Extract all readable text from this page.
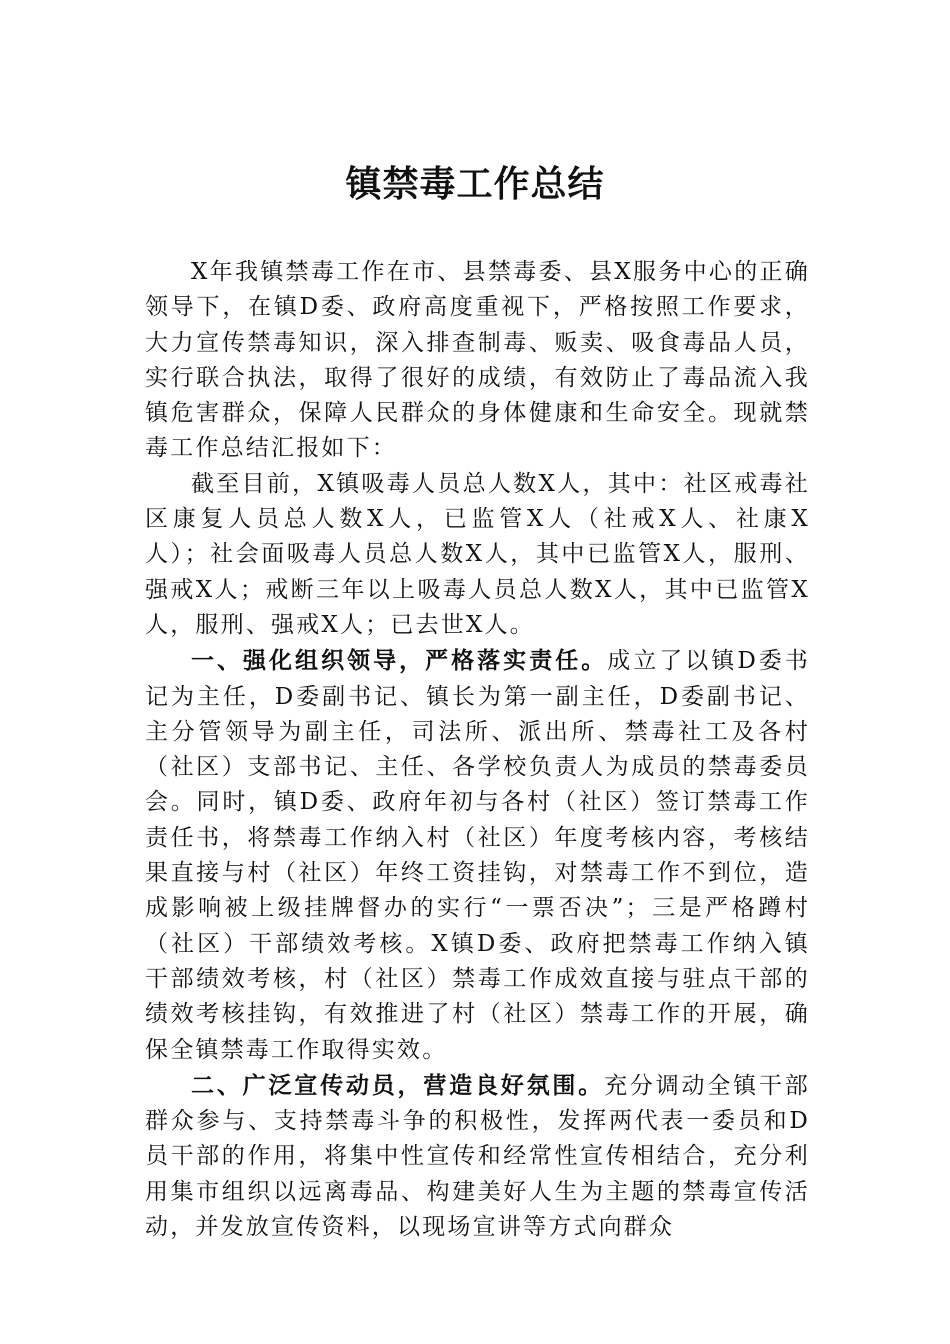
镇禁毒工作总结

X年我镇禁毒工作在市、县禁毒委、县X服务中心的正确领导下，在镇D委、政府高度重视下，严格按照工作要求，大力宣传禁毒知识，深入排查制毒、贩卖、吸食毒品人员，实行联合执法，取得了很好的成绩，有效防止了毒品流入我镇危害群众，保障人民群众的身体健康和生命安全。现就禁毒工作总结汇报如下：

截至目前，X镇吸毒人员总人数X人，其中：社区戒毒社区康复人员总人数X人，已监管X人（社戒X人、社康X人）；社会面吸毒人员总人数X人，其中已监管X人，服刑、强戒X人；戒断三年以上吸毒人员总人数X人，其中已监管X人，服刑、强戒X人；已去世X人。

一、强化组织领导，严格落实责任。成立了以镇D委书记为主任，D委副书记、镇长为第一副主任，D委副书记、主分管领导为副主任，司法所、派出所、禁毒社工及各村（社区）支部书记、主任、各学校负责人为成员的禁毒委员会。同时，镇D委、政府年初与各村（社区）签订禁毒工作责任书，将禁毒工作纳入村（社区）年度考核内容，考核结果直接与村（社区）年终工资挂钩，对禁毒工作不到位，造成影响被上级挂牌督办的实行“一票否决”；三是严格蹲村（社区）干部绩效考核。X镇D委、政府把禁毒工作纳入镇干部绩效考核，村（社区）禁毒工作成效直接与驻点干部的绩效考核挂钩，有效推进了村（社区）禁毒工作的开展，确保全镇禁毒工作取得实效。

二、广泛宣传动员，营造良好氛围。充分调动全镇干部群众参与、支持禁毒斗争的积极性，发挥两代表一委员和D员干部的作用，将集中性宣传和经常性宣传相结合，充分利用集市组织以远离毒品、构建美好人生为主题的禁毒宣传活动，并发放宣传资料，以现场宣讲等方式向群众
